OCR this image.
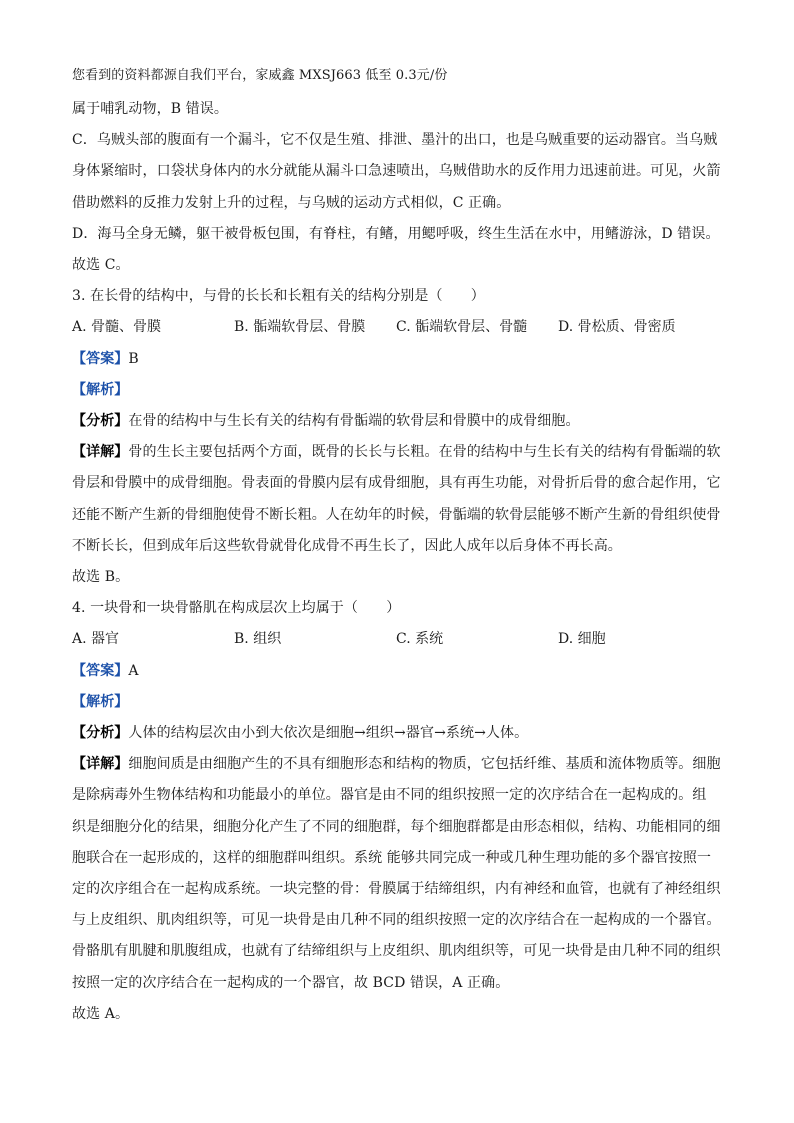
您看到的资料都源自我们平台，家威鑫 MXSJ663 低至 0.3元/份
属于哺乳动物，B 错误。
C．乌贼头部的腹面有一个漏斗，它不仅是生殖、排泄、墨汁的出口，也是乌贼重要的运动器官。当乌贼
身体紧缩时，口袋状身体内的水分就能从漏斗口急速喷出，乌贼借助水的反作用力迅速前进。可见，火箭
借助燃料的反推力发射上升的过程，与乌贼的运动方式相似，C 正确。
D．海马全身无鳞，躯干被骨板包围，有脊柱，有鳍，用鳃呼吸，终生生活在水中，用鳍游泳，D 错误。
故选 C。
3. 在长骨的结构中，与骨的长长和长粗有关的结构分别是（　　）
A. 骨髓、骨膜	B. 骺端软骨层、骨膜	C. 骺端软骨层、骨髓	D. 骨松质、骨密质
【答案】B
【解析】
【分析】在骨的结构中与生长有关的结构有骨骺端的软骨层和骨膜中的成骨细胞。
【详解】骨的生长主要包括两个方面，既骨的长长与长粗。在骨的结构中与生长有关的结构有骨骺端的软
骨层和骨膜中的成骨细胞。骨表面的骨膜内层有成骨细胞，具有再生功能，对骨折后骨的愈合起作用，它
还能不断产生新的骨细胞使骨不断长粗。人在幼年的时候，骨骺端的软骨层能够不断产生新的骨组织使骨
不断长长，但到成年后这些软骨就骨化成骨不再生长了，因此人成年以后身体不再长高。
故选 B。
4. 一块骨和一块骨骼肌在构成层次上均属于（　　）
A. 器官	B. 组织	C. 系统	D. 细胞
【答案】A
【解析】
【分析】人体的结构层次由小到大依次是细胞→组织→器官→系统→人体。
【详解】细胞间质是由细胞产生的不具有细胞形态和结构的物质，它包括纤维、基质和流体物质等。细胞
是除病毒外生物体结构和功能最小的单位。器官是由不同的组织按照一定的次序结合在一起构成的。组
织是细胞分化的结果，细胞分化产生了不同的细胞群，每个细胞群都是由形态相似，结构、功能相同的细
胞联合在一起形成的，这样的细胞群叫组织。系统 能够共同完成一种或几种生理功能的多个器官按照一
定的次序组合在一起构成系统。一块完整的骨：骨膜属于结缔组织，内有神经和血管，也就有了神经组织
与上皮组织、肌肉组织等，可见一块骨是由几种不同的组织按照一定的次序结合在一起构成的一个器官。
骨骼肌有肌腱和肌腹组成，也就有了结缔组织与上皮组织、肌肉组织等，可见一块骨是由几种不同的组织
按照一定的次序结合在一起构成的一个器官，故 BCD 错误，A 正确。
故选 A。
